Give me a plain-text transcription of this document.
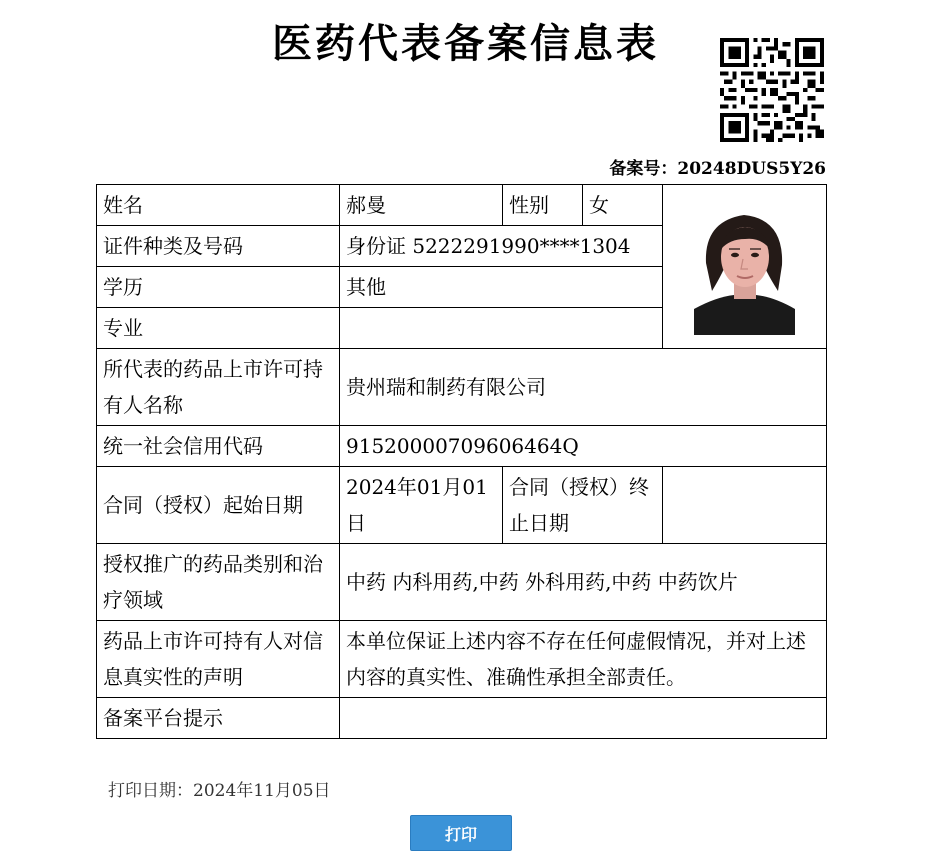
医药代表备案信息表
备案号：20248DUS5Y26
姓名	郝曼	性别	女	

证件种类及号码	身份证 5222291990****1304			
学历	其他			
专业				
所代表的药品上市许可持有人名称	贵州瑞和制药有限公司			
统一社会信用代码	91520000709606464Q			
合同（授权）起始日期	2024年01月01日	合同（授权）终止日期		
授权推广的药品类别和治疗领域	中药 内科用药,中药 外科用药,中药 中药饮片			
药品上市许可持有人对信息真实性的声明	本单位保证上述内容不存在任何虚假情况，并对上述内容的真实性、准确性承担全部责任。			
备案平台提示				
打印日期：2024年11月05日
打印
